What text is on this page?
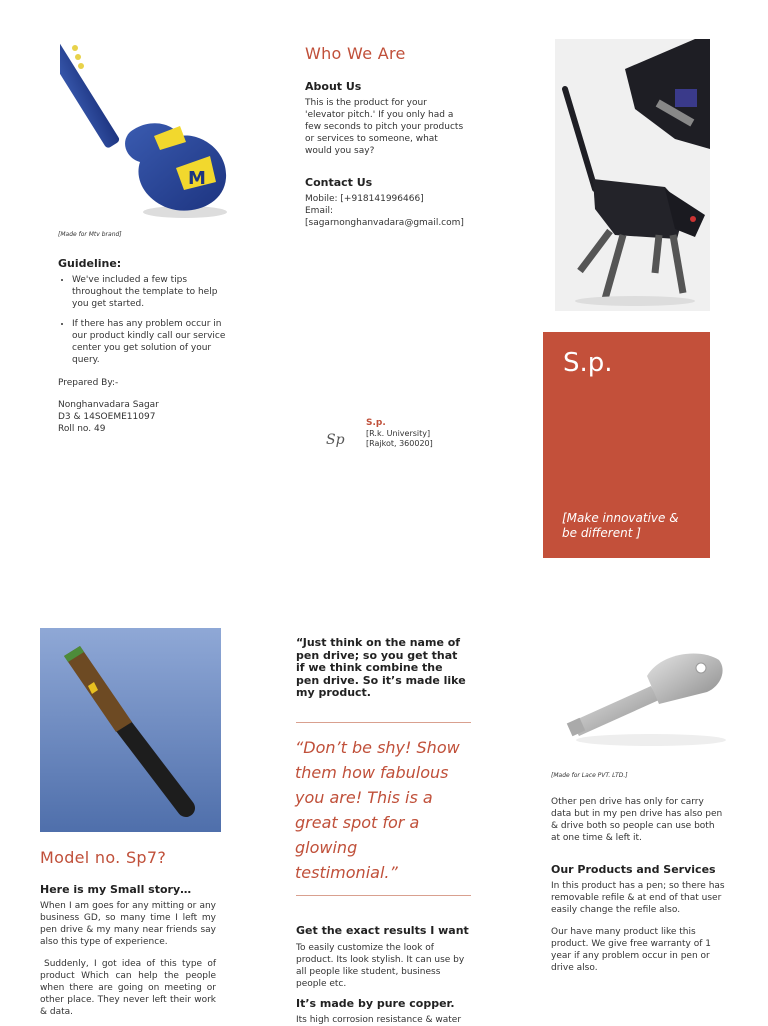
M
[Made for Mtv brand]
Guideline:
• We've included a few tips throughout the template to help you get started.
• If there has any problem occur in our product kindly call our service center you get solution of your query.
Prepared By:-
Nonghanvadara Sagar
D3 & 14SOEME11097
Roll no. 49
Who We Are
About Us
This is the product for your 'elevator pitch.' If you only had a few seconds to pitch your products or services to someone, what would you say?
Contact Us
Mobile: [+918141996466]
Email:
[sagarnonghanvadara@gmail.com]
Sp
S.p.
[R.k. University]
[Rajkot, 360020]
S.p.
[Make innovative & be different ]
Model no. Sp7?
Here is my Small story…
When I am goes for any mitting or any business GD, so many time I left my pen drive & my many near friends say also this type of experience.
Suddenly, I got idea of this type of product Which can help the people when there are going on meeting or other place. They never left their work & data.
“Just think on the name of pen drive; so you get that if we think combine the pen drive. So it’s made like my product.
“Don’t be shy! Show them how fabulous you are! This is a great spot for a glowing testimonial.”
Get the exact results I want
To easily customize the look of product. Its look stylish. It can use by all people like student, business people etc.
It’s made by pure copper.
Its high corrosion resistance & water
[Made for Lace PVT. LTD.]
Other pen drive has only for carry data but in my pen drive has also pen & drive both so people can use both at one time & left it.
Our Products and Services
In this product has a pen; so there has removable refile & at end of that user easily change the refile also.
Our have many product like this product. We give free warranty of 1 year if any problem occur in pen or drive also.
